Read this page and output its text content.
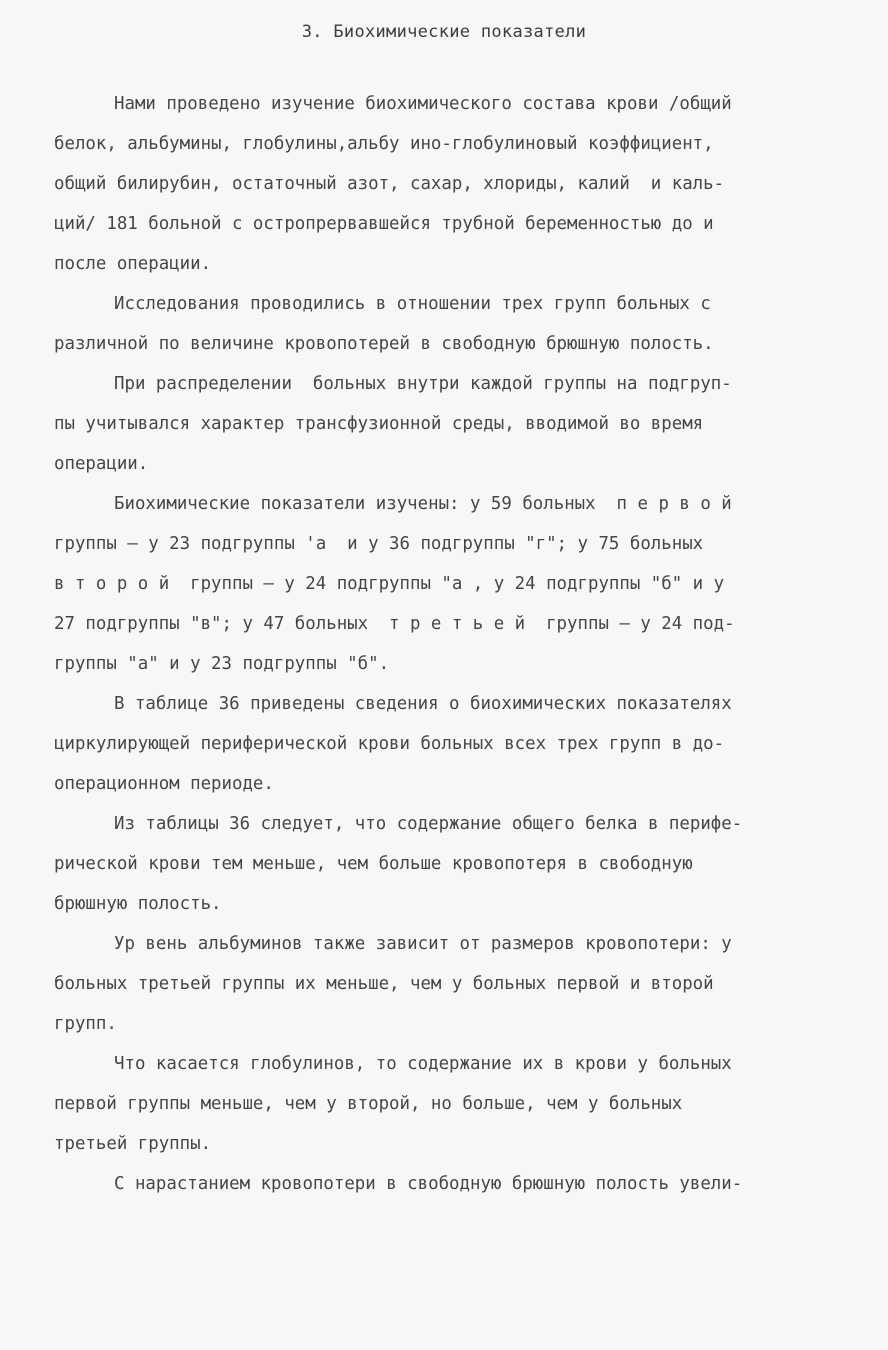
3. Биохимические показатели
Нами проведено изучение биохимического состава крови /общий
белок, альбумины, глобулины,альбу ино-глобулиновый коэффициент,
общий билирубин, остаточный азот, сахар, хлориды, калий  и каль-
ций/ 181 больной с остропрервавшейся трубной беременностью до и
после операции.
Исследования проводились в отношении трех групп больных с
различной по величине кровопотерей в свободную брюшную полость.
При распределении  больных внутри каждой группы на подгруп-
пы учитывался характер трансфузионной среды, вводимой во время
операции.
Биохимические показатели изучены: у 59 больных  п е р в о й
группы – у 23 подгруппы 'а  и у 36 подгруппы "г"; у 75 больных
в т о р о й  группы – у 24 подгруппы "а , у 24 подгруппы "б" и у
27 подгруппы "в"; у 47 больных  т р е т ь е й  группы – у 24 под-
группы "а" и у 23 подгруппы "б".
В таблице 36 приведены сведения о биохимических показателях
циркулирующей периферической крови больных всех трех групп в до-
операционном периоде.
Из таблицы 36 следует, что содержание общего белка в перифе-
рической крови тем меньше, чем больше кровопотеря в свободную
брюшную полость.
Ур вень альбуминов также зависит от размеров кровопотери: у
больных третьей группы их меньше, чем у больных первой и второй
групп.
Что касается глобулинов, то содержание их в крови у больных
первой группы меньше, чем у второй, но больше, чем у больных
третьей группы.
С нарастанием кровопотери в свободную брюшную полость увели-
